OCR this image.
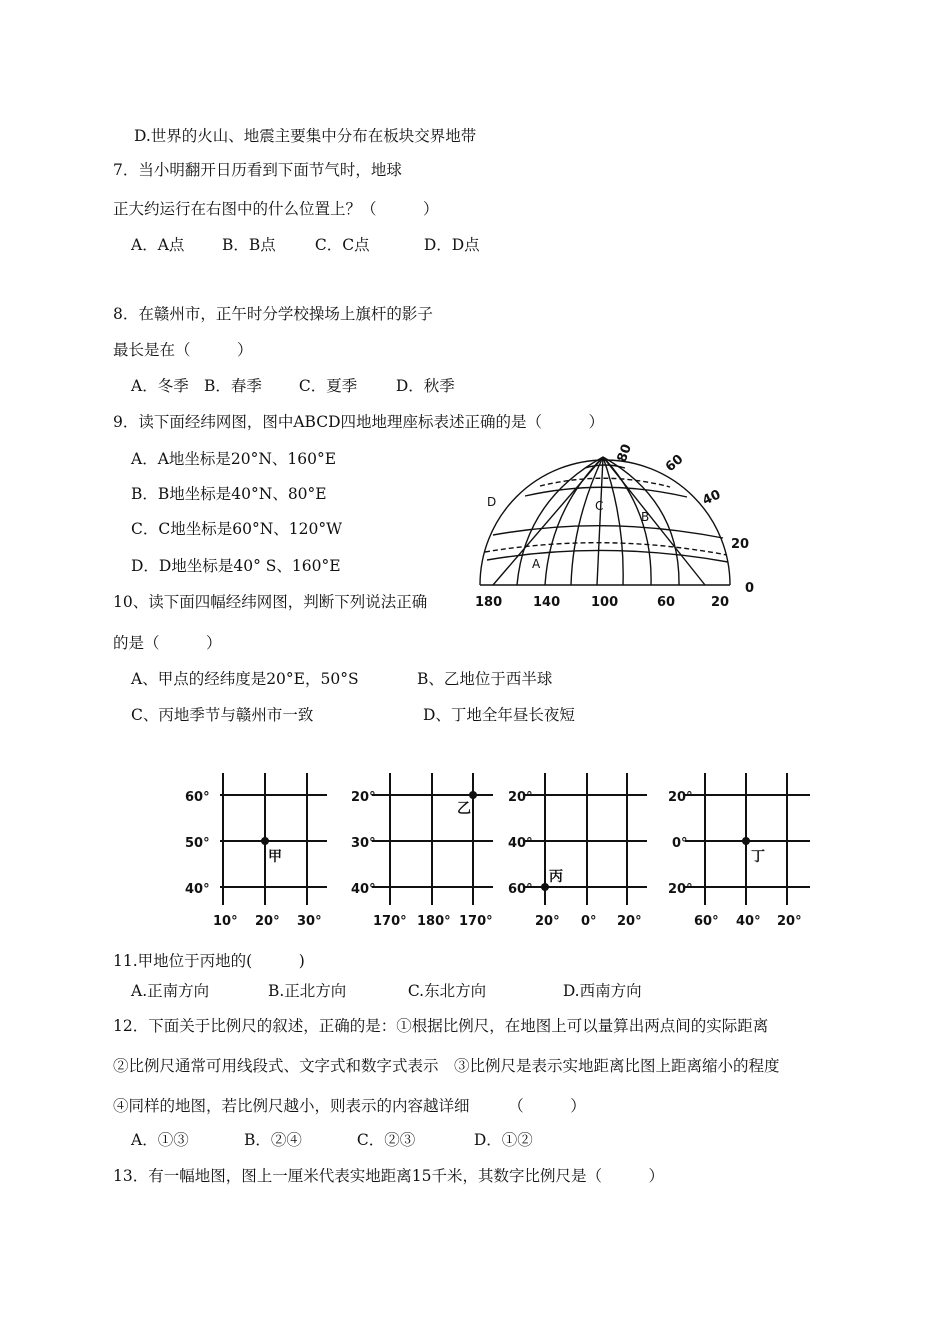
D.世界的火山、地震主要集中分布在板块交界地带
7．当小明翻开日历看到下面节气时，地球
正大约运行在右图中的什么位置上？（　　　）
A．A点 B．B点	C．C点	D．D点
8．在赣州市，正午时分学校操场上旗杆的影子
最长是在（　　　）
A．冬季 B．春季 C．夏季 D．秋季
9．读下面经纬网图，图中ABCD四地地理座标表述正确的是（　　　）
A．A地坐标是20°N、160°E
B．B地坐标是40°N、80°E
C．C地坐标是60°N、120°W
D．D地坐标是40° S、160°E
80 60
40
20
0
180 140 100	60	20
A
B
C
D
10、读下面四幅经纬网图，判断下列说法正确
的是（　　　）
A、甲点的经纬度是20°E，50°S	B、乙地位于西半球
C、丙地季节与赣州市一致	D、丁地全年昼长夜短
60°
50°
40°
10° 20° 30°
甲
20°
30°
40°
170° 180° 170°
乙
20°
40°
60°
20° 0° 20°
丙
20°
0°
20°
60° 40° 20°
丁
11.甲地位于丙地的(　　　)
A.正南方向	B.正北方向	C.东北方向	D.西南方向
12．下面关于比例尺的叙述，正确的是：①根据比例尺，在地图上可以量算出两点间的实际距离
②比例尺通常可用线段式、文字式和数字式表示　③比例尺是表示实地距离比图上距离缩小的程度
④同样的地图，若比例尺越小，则表示的内容越详细　　　（　　　）
A．①③	B．②④	C．②③	D．①②
13．有一幅地图，图上一厘米代表实地距离15千米，其数字比例尺是（　　　）
